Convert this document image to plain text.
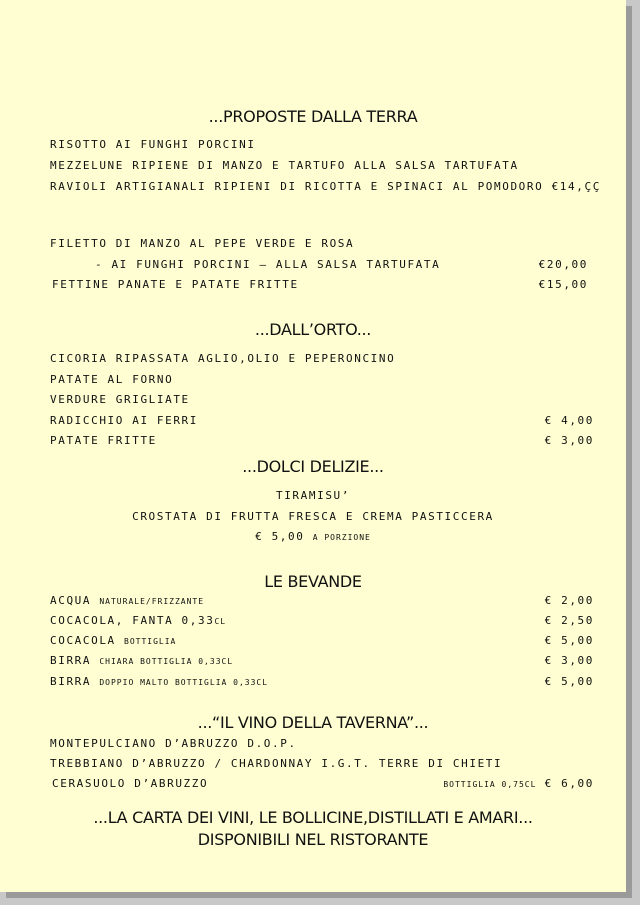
...PROPOSTE DALLA TERRA
RISOTTO AI FUNGHI PORCINI
MEZZELUNE RIPIENE DI MANZO E TARTUFO ALLA SALSA TARTUFATA
RAVIOLI ARTIGIANALI RIPIENI DI RICOTTA E SPINACI AL POMODORO €14,ÇÇ
FILETTO DI MANZO AL PEPE VERDE E ROSA
- AI FUNGHI PORCINI – ALLA SALSA TARTUFATA	€20,00
FETTINE PANATE E PATATE FRITTE	€15,00
...DALL’ORTO...
CICORIA RIPASSATA AGLIO,OLIO E PEPERONCINO
PATATE AL FORNO
VERDURE GRIGLIATE
RADICCHIO AI FERRI	€ 4,00
PATATE FRITTE	€ 3,00
...DOLCI DELIZIE...
TIRAMISU’
CROSTATA DI FRUTTA FRESCA E CREMA PASTICCERA
€ 5,00 A PORZIONE
LE BEVANDE
ACQUA NATURALE/FRIZZANTE	€ 2,00
COCACOLA, FANTA 0,33CL	€ 2,50
COCACOLA BOTTIGLIA	€ 5,00
BIRRA CHIARA BOTTIGLIA 0,33CL	€ 3,00
BIRRA DOPPIO MALTO BOTTIGLIA 0,33CL	€ 5,00
...“IL VINO DELLA TAVERNA”...
MONTEPULCIANO D’ABRUZZO D.O.P.
TREBBIANO D’ABRUZZO / CHARDONNAY I.G.T. TERRE DI CHIETI
CERASUOLO D’ABRUZZO	BOTTIGLIA 0,75CL € 6,00
...LA CARTA DEI VINI, LE BOLLICINE,DISTILLATI E AMARI...
DISPONIBILI NEL RISTORANTE
